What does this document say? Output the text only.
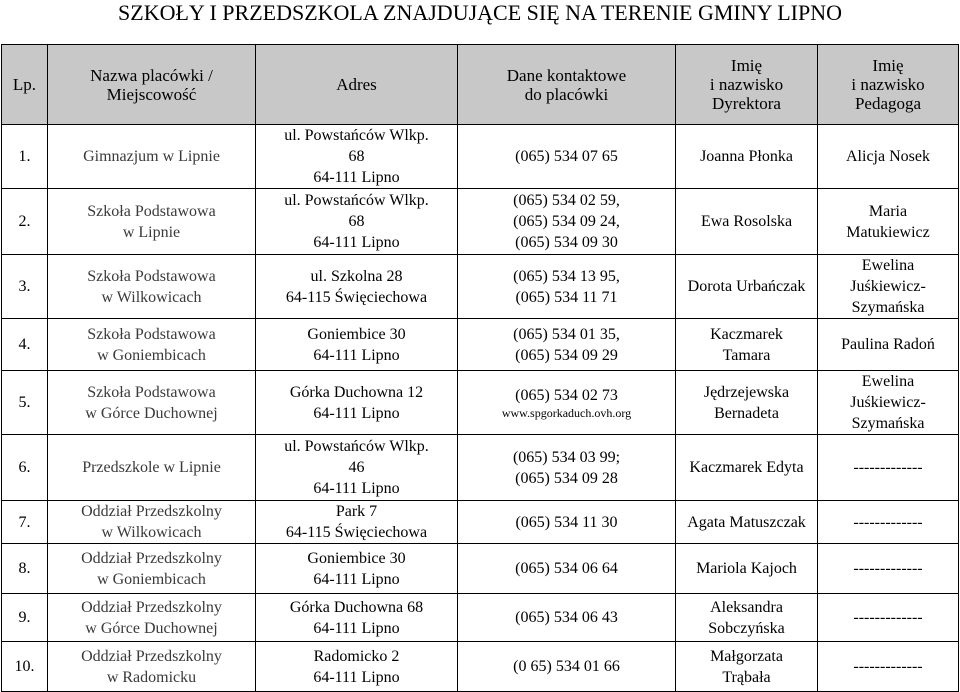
SZKOŁY I PRZEDSZKOLA ZNAJDUJĄCE SIĘ NA TERENIE GMINY LIPNO
Lp.	Nazwa placówki /
Miejscowość	Adres	Dane kontaktowe
do placówki	Imię
i nazwisko
Dyrektora	Imię
i nazwisko
Pedagoga

1.	Gimnazjum w Lipnie	ul. Powstańców Wlkp.
68
64-111 Lipno	(065) 534 07 65	Joanna Płonka	Alicja Nosek

2.	Szkoła Podstawowa
w Lipnie	ul. Powstańców Wlkp.
68
64-111 Lipno	(065) 534 02 59,
(065) 534 09 24,
(065) 534 09 30	Ewa Rosolska	Maria
Matukiewicz

3.	Szkoła Podstawowa
w Wilkowicach	ul. Szkolna 28
64-115 Święciechowa	(065) 534 13 95,
(065) 534 11 71	Dorota Urbańczak	Ewelina
Juśkiewicz-
Szymańska

4.	Szkoła Podstawowa
w Goniembicach	Goniembice 30
64-111 Lipno	(065) 534 01 35,
(065) 534 09 29	Kaczmarek
Tamara	Paulina Radoń

5.	Szkoła Podstawowa
w Górce Duchownej	Górka Duchowna 12
64-111 Lipno	(065) 534 02 73
www.spgorkaduch.ovh.org	Jędrzejewska
Bernadeta	Ewelina
Juśkiewicz-
Szymańska

6.	Przedszkole w Lipnie	ul. Powstańców Wlkp.
46
64-111 Lipno	(065) 534 03 99;
(065) 534 09 28	Kaczmarek Edyta	-------------

7.	Oddział Przedszkolny
w Wilkowicach	Park 7
64-115 Święciechowa	(065) 534 11 30	Agata Matuszczak	-------------

8.	Oddział Przedszkolny
w Goniembicach	Goniembice 30
64-111 Lipno	(065) 534 06 64	Mariola Kajoch	-------------

9.	Oddział Przedszkolny
w Górce Duchownej	Górka Duchowna 68
64-111 Lipno	(065) 534 06 43	Aleksandra
Sobczyńska	-------------

10.	Oddział Przedszkolny
w Radomicku	Radomicko 2
64-111 Lipno	(0 65) 534 01 66	Małgorzata
Trąbała	-------------
